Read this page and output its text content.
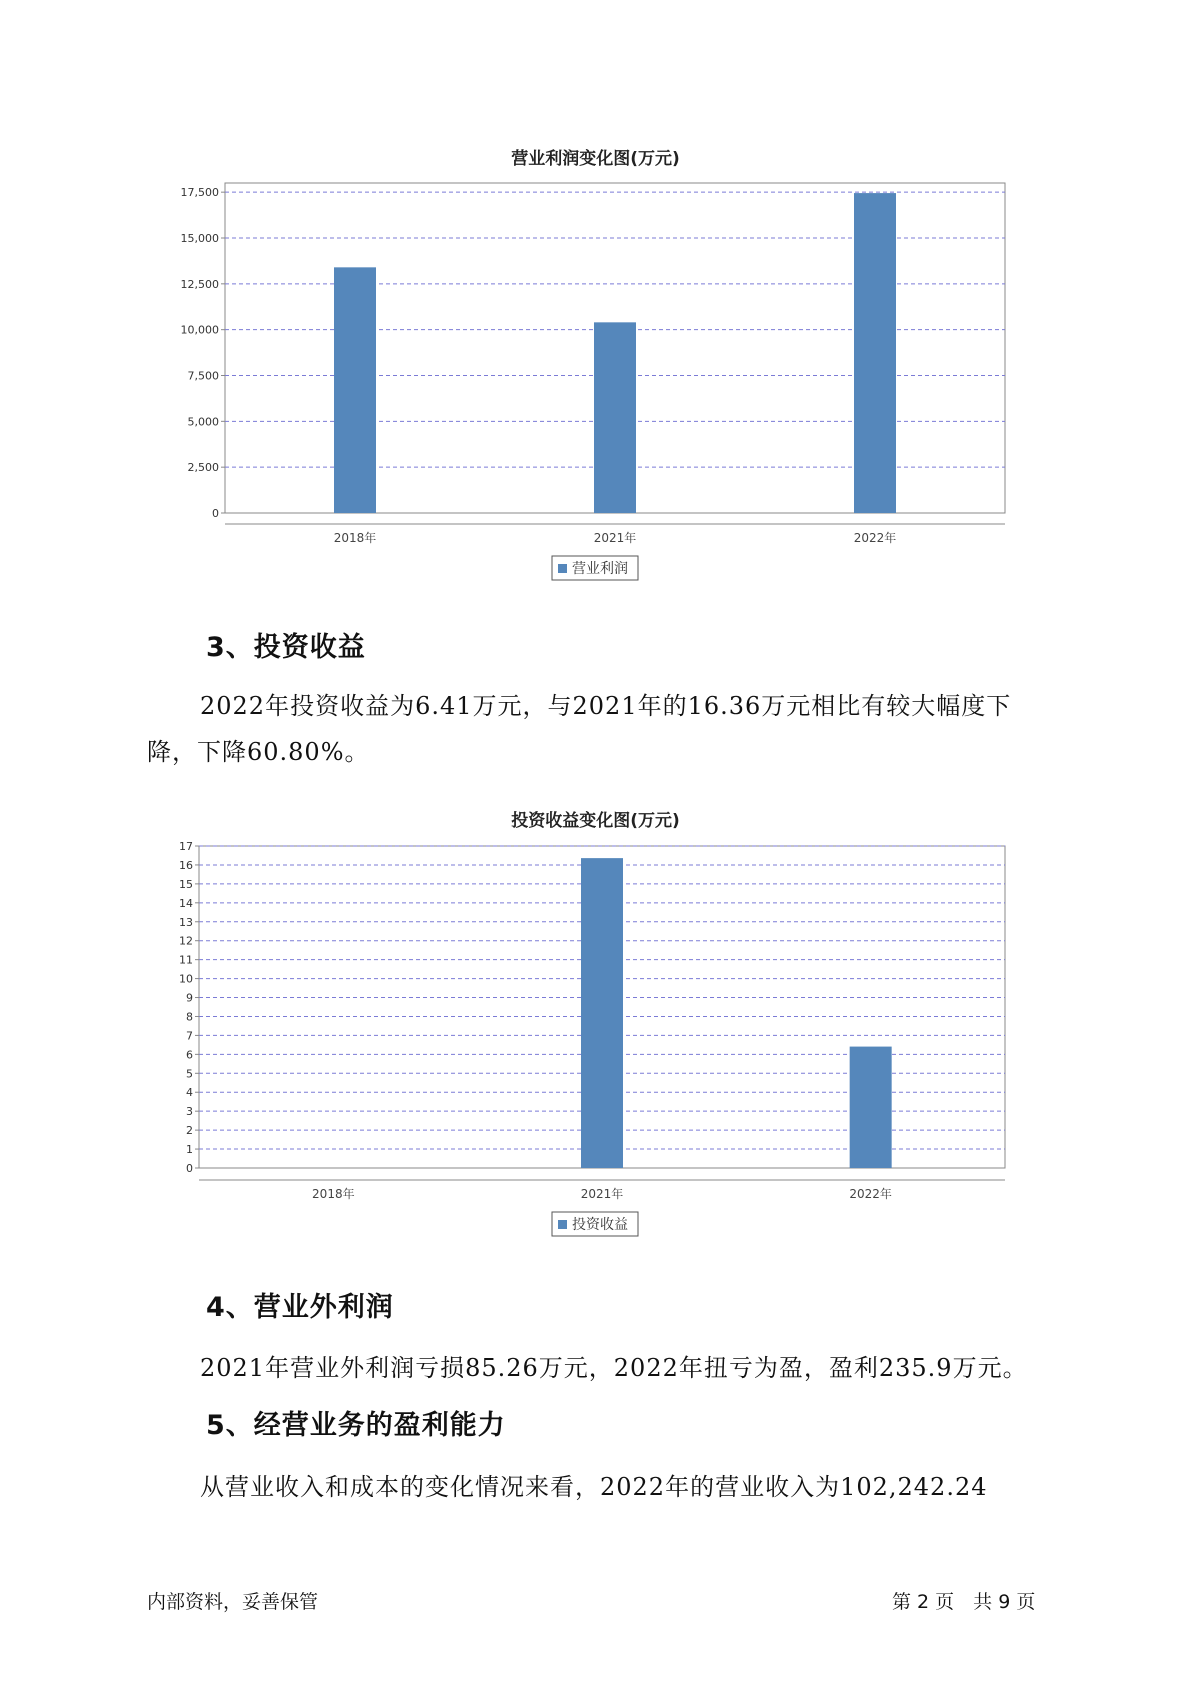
营业利润变化图(万元)
0
2,500
5,000
7,500
10,000
12,500
15,000
17,500
2018年	2021年	2022年
营业利润
3、投资收益
2022年投资收益为6.41万元，与2021年的16.36万元相比有较大幅度下
降，下降60.80%。
投资收益变化图(万元)
0
1
2
3
4
5
6
7
8
9
10
11
12
13
14
15
16
17
2018年	2021年	2022年
投资收益
4、营业外利润
2021年营业外利润亏损85.26万元，2022年扭亏为盈，盈利235.9万元。
5、经营业务的盈利能力
从营业收入和成本的变化情况来看，2022年的营业收入为102,242.24
内部资料，妥善保管	第 2 页　共 9 页
